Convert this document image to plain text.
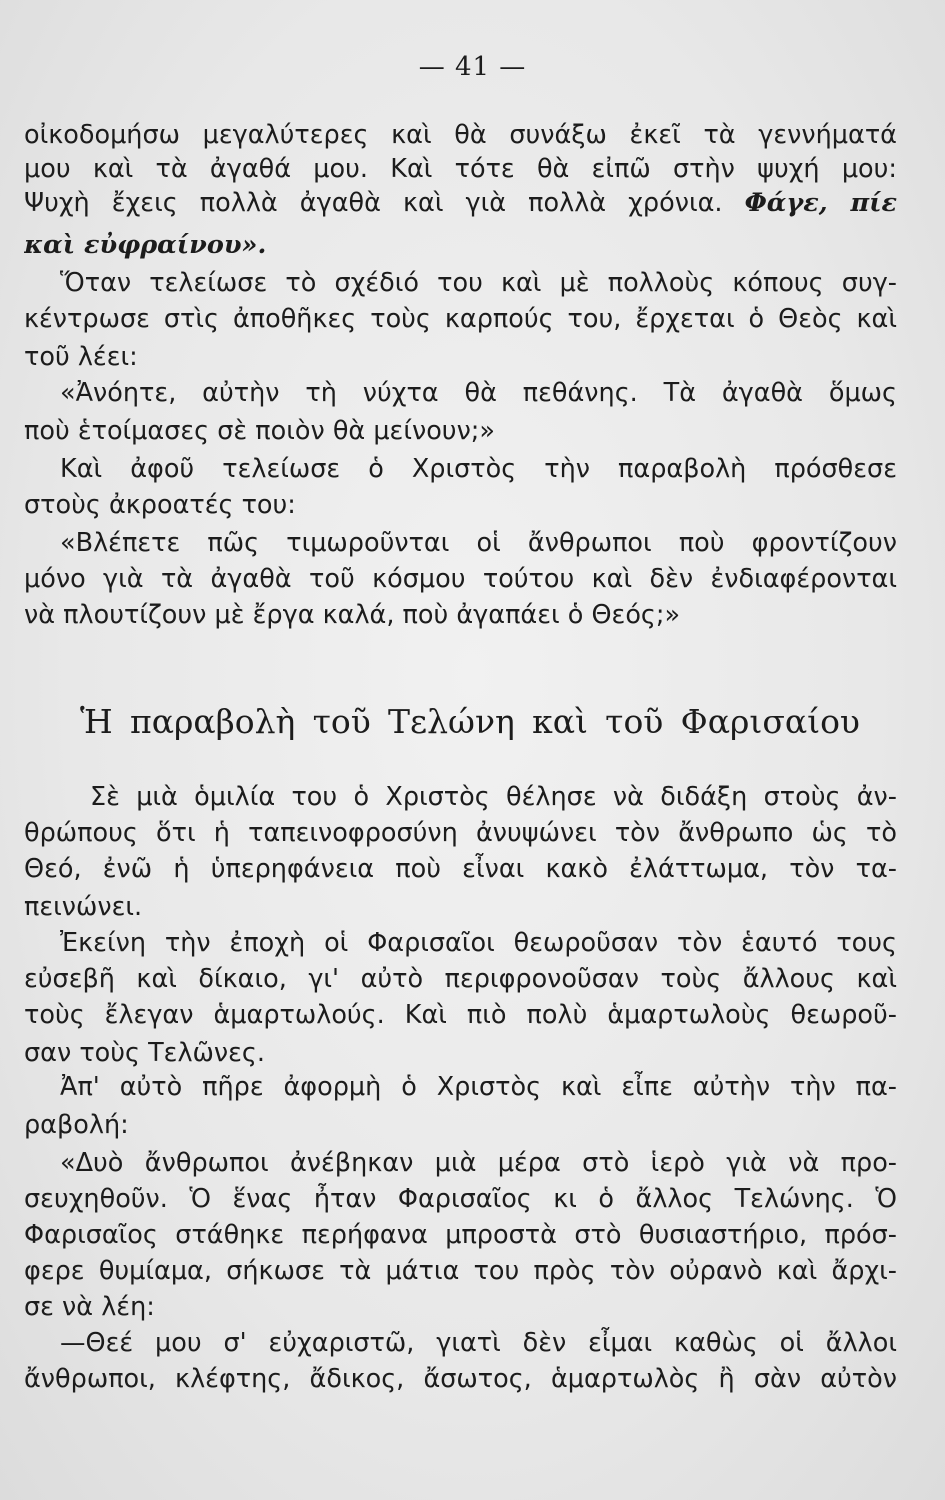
— 41 —
οἰκοδομήσω μεγαλύτερες καὶ θὰ συνάξω ἐκεῖ τὰ γεννήματά
μου καὶ τὰ ἀγαθά μου. Καὶ τότε θὰ εἰπῶ στὴν ψυχή μου:
Ψυχὴ ἔχεις πολλὰ ἀγαθὰ καὶ γιὰ πολλὰ χρόνια. Φάγε, πίε
καὶ εὐφραίνου».
Ὅταν τελείωσε τὸ σχέδιό του καὶ μὲ πολλοὺς κόπους συγ-
κέντρωσε στὶς ἀποθῆκες τοὺς καρπούς του, ἔρχεται ὁ Θεὸς καὶ
τοῦ λέει:
«Ἀνόητε, αὐτὴν τὴ νύχτα θὰ πεθάνης. Τὰ ἀγαθὰ ὅμως
ποὺ ἑτοίμασες σὲ ποιὸν θὰ μείνουν;»
Καὶ ἀφοῦ τελείωσε ὁ Χριστὸς τὴν παραβολὴ πρόσθεσε
στοὺς ἀκροατές του:
«Βλέπετε πῶς τιμωροῦνται οἱ ἄνθρωποι ποὺ φροντίζουν
μόνο γιὰ τὰ ἀγαθὰ τοῦ κόσμου τούτου καὶ δὲν ἐνδιαφέρονται
νὰ πλουτίζουν μὲ ἔργα καλά, ποὺ ἀγαπάει ὁ Θεός;»
Ἡ παραβολὴ τοῦ Τελώνη καὶ τοῦ Φαρισαίου
Σὲ μιὰ ὁμιλία του ὁ Χριστὸς θέλησε νὰ διδάξη στοὺς ἀν-
θρώπους ὅτι ἡ ταπεινοφροσύνη ἀνυψώνει τὸν ἄνθρωπο ὡς τὸ
Θεό, ἐνῶ ἡ ὑπερηφάνεια ποὺ εἶναι κακὸ ἐλάττωμα, τὸν τα-
πεινώνει.
Ἐκείνη τὴν ἐποχὴ οἱ Φαρισαῖοι θεωροῦσαν τὸν ἑαυτό τους
εὐσεβῆ καὶ δίκαιο, γι' αὐτὸ περιφρονοῦσαν τοὺς ἄλλους καὶ
τοὺς ἔλεγαν ἁμαρτωλούς. Καὶ πιὸ πολὺ ἁμαρτωλοὺς θεωροῦ-
σαν τοὺς Τελῶνες.
Ἀπ' αὐτὸ πῆρε ἀφορμὴ ὁ Χριστὸς καὶ εἶπε αὐτὴν τὴν πα-
ραβολή:
«Δυὸ ἄνθρωποι ἀνέβηκαν μιὰ μέρα στὸ ἱερὸ γιὰ νὰ προ-
σευχηθοῦν. Ὁ ἕνας ἦταν Φαρισαῖος κι ὁ ἄλλος Τελώνης. Ὁ
Φαρισαῖος στάθηκε περήφανα μπροστὰ στὸ θυσιαστήριο, πρόσ-
φερε θυμίαμα, σήκωσε τὰ μάτια του πρὸς τὸν οὐρανὸ καὶ ἄρχι-
σε νὰ λέη:
—Θεέ μου σ' εὐχαριστῶ, γιατὶ δὲν εἶμαι καθὼς οἱ ἄλλοι
ἄνθρωποι, κλέφτης, ἄδικος, ἄσωτος, ἁμαρτωλὸς ἢ σὰν αὐτὸν
